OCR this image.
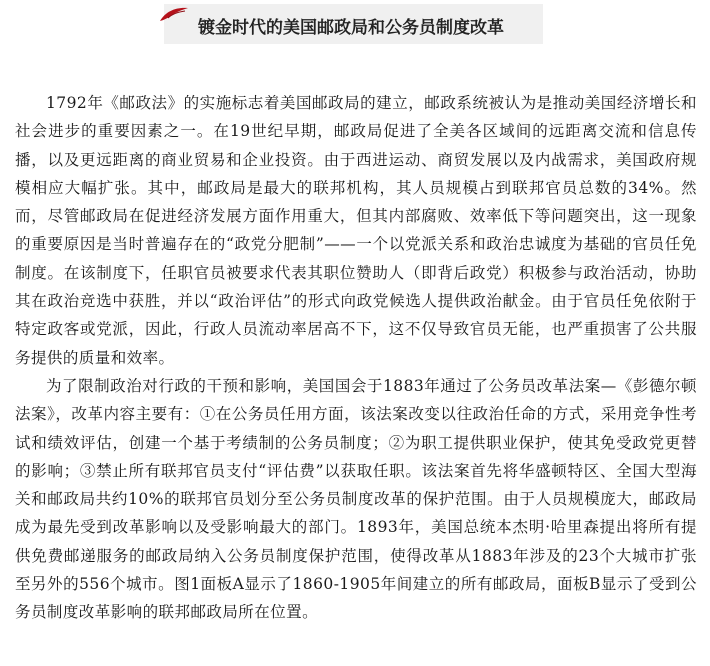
镀金时代的美国邮政局和公务员制度改革

1792年《邮政法》的实施标志着美国邮政局的建立，邮政系统被认为是推动美国经济增长和社会进步的重要因素之一。在19世纪早期，邮政局促进了全美各区域间的远距离交流和信息传播，以及更远距离的商业贸易和企业投资。由于西进运动、商贸发展以及内战需求，美国政府规模相应大幅扩张。其中，邮政局是最大的联邦机构，其人员规模占到联邦官员总数的34%。然而，尽管邮政局在促进经济发展方面作用重大，但其内部腐败、效率低下等问题突出，这一现象的重要原因是当时普遍存在的“政党分肥制”——一个以党派关系和政治忠诚度为基础的官员任免制度。在该制度下，任职官员被要求代表其职位赞助人（即背后政党）积极参与政治活动，协助其在政治竞选中获胜，并以“政治评估”的形式向政党候选人提供政治献金。由于官员任免依附于特定政客或党派，因此，行政人员流动率居高不下，这不仅导致官员无能，也严重损害了公共服务提供的质量和效率。

为了限制政治对行政的干预和影响，美国国会于1883年通过了公务员改革法案—《彭德尔顿法案》，改革内容主要有：①在公务员任用方面，该法案改变以往政治任命的方式，采用竞争性考试和绩效评估，创建一个基于考绩制的公务员制度；②为职工提供职业保护，使其免受政党更替的影响；③禁止所有联邦官员支付“评估费”以获取任职。该法案首先将华盛顿特区、全国大型海关和邮政局共约10%的联邦官员划分至公务员制度改革的保护范围。由于人员规模庞大，邮政局成为最先受到改革影响以及受影响最大的部门。1893年，美国总统本杰明·哈里森提出将所有提供免费邮递服务的邮政局纳入公务员制度保护范围，使得改革从1883年涉及的23个大城市扩张至另外的556个城市。图1面板A显示了1860-1905年间建立的所有邮政局，面板B显示了受到公务员制度改革影响的联邦邮政局所在位置。
